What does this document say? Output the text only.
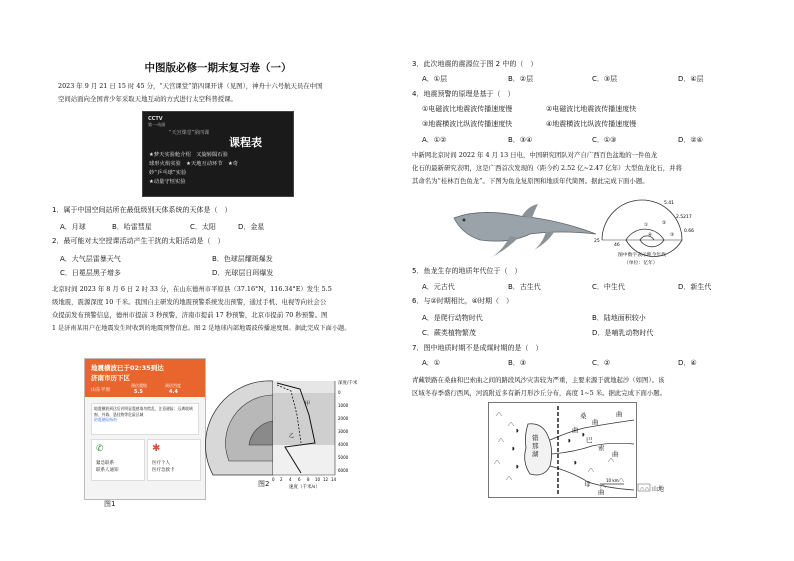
中图版必修一期末复习卷（一）
2023 年 9 月 21 日 15 时 45 分，“天宫课堂”第四课开讲（见图），神舟十六号航天员在中国
空间站面向全国青少年采取天地互动的方式进行太空科普授课。
CCTV
第一·动画
“天宫课堂”第四课
课程表
★梦天实验舱介绍　 又旋转陨石验
球形火焰实验　 ★天地互动环节　 ★奇
妙“乒乓球”实验
★动量守恒实验
1．属于中国空间站所在最低级别天体系统的天体是（　）
A．月球	B．哈雷彗星	C．太阳	D．金星
2．最可能对太空授课活动产生干扰的太阳活动是（　）
A．大气层雷暴天气	B．色球层耀斑爆发
C．日冕层黑子增多	D．光球层日珥爆发
北京时间 2023 年 8 月 6 日 2 时 33 分，在山东德州市平原县（37.16°N，116.34°E）发生 5.5
级地震，震源深度 10 千米。我国自主研发的地震预警系统发出预警，通过手机、电视等向社会公
众提前发布预警信息，德州市提前 3 秒预警，济南市提前 17 秒预警，北京市提前 70 秒预警。图
1 是济南某用户在地震发生时收到的地震预警信息。图 2 是地球内部地震波传播速度图。据此完成下面小题。
地震横波已于02:35到达
济南市历下区
山东平原
预估震级
5.5
预估烈度
4.4
地震横波到达后若明显震感请勿慌乱，注意避险；远离玻璃窗、外墙、悬挂物等危险区域
防震避险指南
✆
紧急联系
联系人通知
✱
医疗个人
医疗急救卡
图1
甲
乙
深度/千米
0
1000
2000
3000
4000
5000
6000
0 2 4 6 8 10 12 14
速度（千米/s）
图2
3．此次地震的震源位于图 2 中的（　）
A．①层	B．②层	C．③层	D．④层
4．地震预警的原理是基于（　）
①电磁波比地震波传播速度慢	②电磁波比地震波传播速度快
③地震横波比纵波传播速度快	④地震横波比纵波传播速度慢
A．①②	B．③④	C．①③	D．②④
中新网北京时间 2022 年 4 月 13 日电，中国研究团队对产自广西百色盆地的一件鱼龙
化石的最新研究表明，这是广西首次发现的（距今约 2.52 亿~2.47 亿年）大型鱼龙化石，并将
其命名为“桂林百色鱼龙”。下图为鱼龙复原图和地质年代简图。据此完成下面小题。
5.41
2.5217
0.66
25
46
①	②
③
④
图中数字表示距今年代
（单位：亿年）
5．鱼龙生存的地质年代位于（　）
A．元古代	B．古生代	C．中生代	D．新生代
6．与②时期相比，④时期（　）
A．是爬行动物时代	B．陆地面积较小
C．蕨类植物繁茂	D．是哺乳动物时代
7．图中地质时期不是成煤时期的是（　）
A．①	B．③	C．②	D．④
青藏铁路在桑曲和巴索曲之间的路段风沙灾害较为严重，主要来源于就地起沙（如图）。该
区域冬春季盛行西风，河流附近多有新月形沙丘分布，高度 1~5 米。据此完成下面小题。
◗
◗
◗
◗
◗
◗
错
那
湖
桑
曲
曲
曲
巴
索
曲
母
曲
10 km
山地
